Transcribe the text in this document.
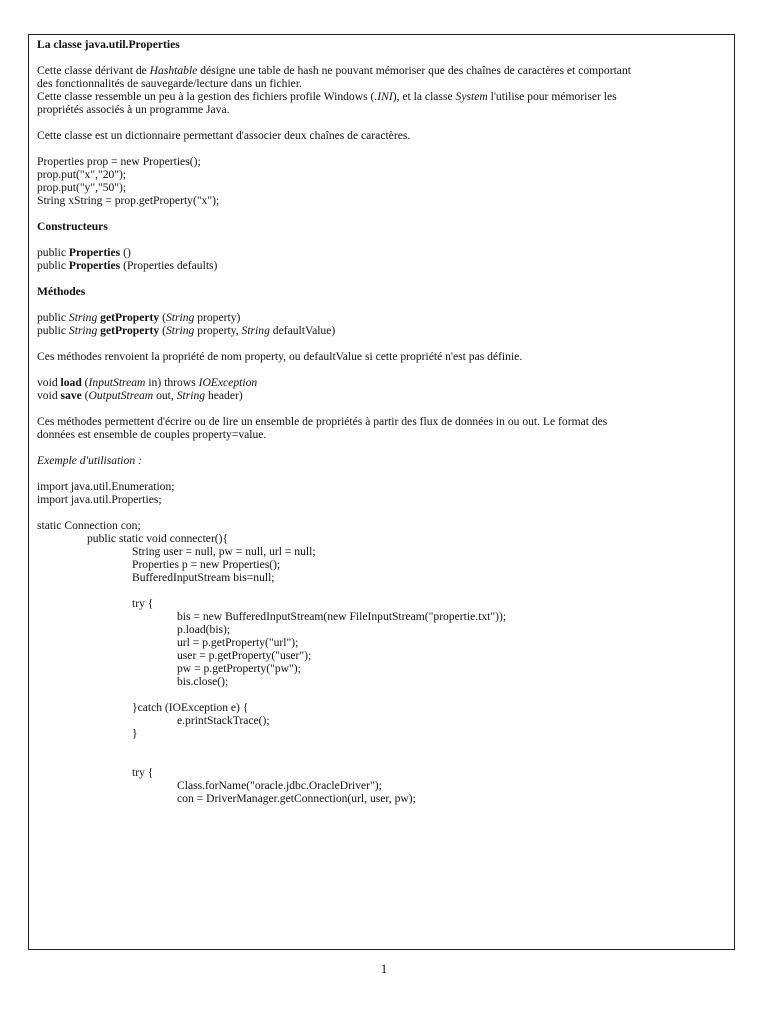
La classe java.util.Properties

Cette classe dérivant de Hashtable désigne une table de hash ne pouvant mémoriser que des chaînes de caractères et comportant

des fonctionnalités de sauvegarde/lecture dans un fichier.

Cette classe ressemble un peu à la gestion des fichiers profile Windows (.INI), et la classe System l'utilise pour mémoriser les

propriétés associés à un programme Java.

Cette classe est un dictionnaire permettant d'associer deux chaînes de caractères.

Properties prop = new Properties();

prop.put("x","20");

prop.put("y","50");

String xString = prop.getProperty("x");

Constructeurs

public Properties ()

public Properties (Properties defaults)

Méthodes

public String getProperty (String property)

public String getProperty (String property, String defaultValue)

Ces méthodes renvoient la propriété de nom property, ou defaultValue si cette propriété n'est pas définie.

void load (InputStream in) throws IOException

void save (OutputStream out, String header)

Ces méthodes permettent d'écrire ou de lire un ensemble de propriétés à partir des flux de données in ou out. Le format des

données est ensemble de couples property=value.

Exemple d'utilisation :

import java.util.Enumeration;

import java.util.Properties;

static Connection con;

public static void connecter(){

String user = null, pw = null, url = null;

Properties p = new Properties();

BufferedInputStream bis=null;

try {

bis = new BufferedInputStream(new FileInputStream("propertie.txt"));

p.load(bis);

url = p.getProperty("url");

user = p.getProperty("user");

pw = p.getProperty("pw");

bis.close();

}catch (IOException e) {

e.printStackTrace();

}

try {

Class.forName("oracle.jdbc.OracleDriver");

con = DriverManager.getConnection(url, user, pw);

1
